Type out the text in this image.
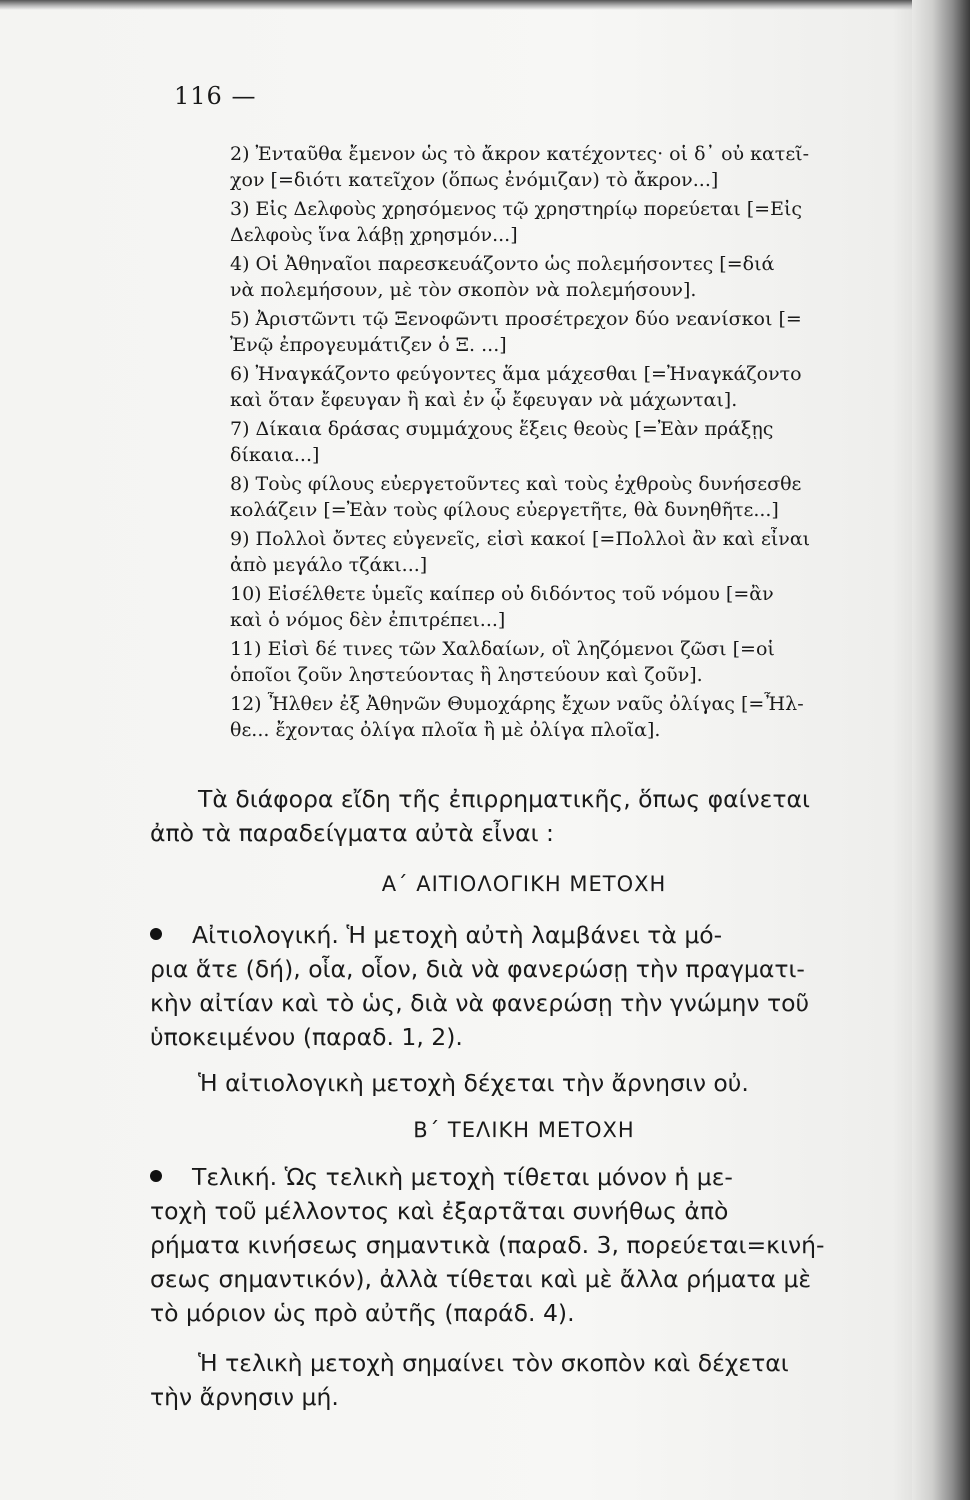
116 —
2) Ἐνταῦθα ἔμενον ὡς τὸ ἄκρον κατέχοντες· οἱ δ᾽ οὐ κατεῖ-
χον [=διότι κατεῖχον (ὅπως ἐνόμιζαν) τὸ ἄκρον...]
3) Εἰς Δελφοὺς χρησόμενος τῷ χρηστηρίῳ πορεύεται [=Εἰς
Δελφοὺς ἵνα λάβῃ χρησμόν...]
4) Οἱ Ἀθηναῖοι παρεσκευάζοντο ὡς πολεμήσοντες [=διά
νὰ πολεμήσουν, μὲ τὸν σκοπὸν νὰ πολεμήσουν].
5) Ἀριστῶντι τῷ Ξενοφῶντι προσέτρεχον δύο νεανίσκοι [=
Ἐνῷ ἐπρογευμάτιζεν ὁ Ξ. ...]
6) Ἠναγκάζοντο φεύγοντες ἅμα μάχεσθαι [=Ἠναγκάζοντο
καὶ ὅταν ἔφευγαν ἢ καὶ ἐν ᾧ ἔφευγαν νὰ μάχωνται].
7) Δίκαια δράσας συμμάχους ἕξεις θεοὺς [=Ἐὰν πράξῃς
δίκαια...]
8) Τοὺς φίλους εὐεργετοῦντες καὶ τοὺς ἐχθροὺς δυνήσεσθε
κολάζειν [=Ἐὰν τοὺς φίλους εὐεργετῆτε, θὰ δυνηθῆτε...]
9) Πολλοὶ ὄντες εὐγενεῖς, εἰσὶ κακοί [=Πολλοὶ ἂν καὶ εἶναι
ἀπὸ μεγάλο τζάκι...]
10) Εἰσέλθετε ὑμεῖς καίπερ οὐ διδόντος τοῦ νόμου [=ἂν
καὶ ὁ νόμος δὲν ἐπιτρέπει...]
11) Εἰσὶ δέ τινες τῶν Χαλδαίων, οἳ ληζόμενοι ζῶσι [=οἱ
ὁποῖοι ζοῦν ληστεύοντας ἢ ληστεύουν καὶ ζοῦν].
12) Ἦλθεν ἐξ Ἀθηνῶν Θυμοχάρης ἔχων ναῦς ὀλίγας [=Ἦλ-
θε... ἔχοντας ὀλίγα πλοῖα ἢ μὲ ὀλίγα πλοῖα].
Τὰ διάφορα εἴδη τῆς ἐπιρρηματικῆς, ὅπως φαίνεται
ἀπὸ τὰ παραδείγματα αὐτὰ εἶναι :
Α΄ ΑΙΤΙΟΛΟΓΙΚΗ ΜΕΤΟΧΗ
Αἰτιολογική. Ἡ μετοχὴ αὐτὴ λαμβάνει τὰ μό-
ρια ἅτε (δή), οἷα, οἷον, διὰ νὰ φανερώσῃ τὴν πραγματι-
κὴν αἰτίαν καὶ τὸ ὡς, διὰ νὰ φανερώσῃ τὴν γνώμην τοῦ
ὑποκειμένου (παραδ. 1, 2).
Ἡ αἰτιολογικὴ μετοχὴ δέχεται τὴν ἄρνησιν οὐ.
Β΄ ΤΕΛΙΚΗ ΜΕΤΟΧΗ
Τελική. Ὡς τελικὴ μετοχὴ τίθεται μόνον ἡ με-
τοχὴ τοῦ μέλλοντος καὶ ἐξαρτᾶται συνήθως ἀπὸ
ρήματα κινήσεως σημαντικὰ (παραδ. 3, πορεύεται=κινή-
σεως σημαντικόν), ἀλλὰ τίθεται καὶ μὲ ἄλλα ρήματα μὲ
τὸ μόριον ὡς πρὸ αὐτῆς (παράδ. 4).
Ἡ τελικὴ μετοχὴ σημαίνει τὸν σκοπὸν καὶ δέχεται
τὴν ἄρνησιν μή.
